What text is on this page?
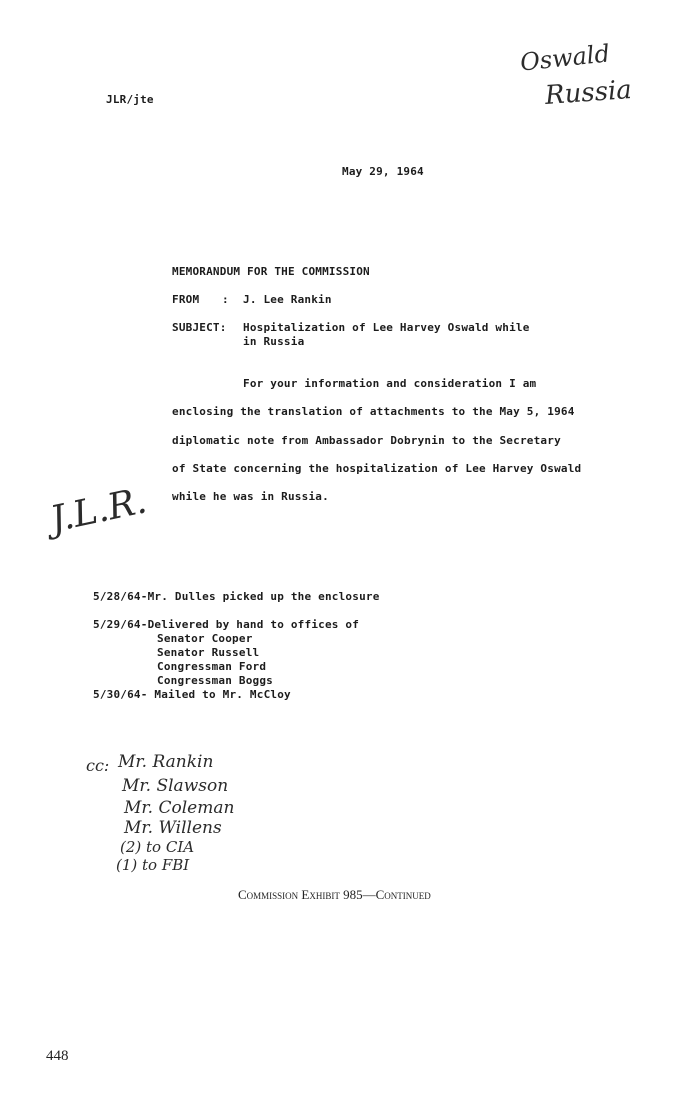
Oswald
Russia
JLR/jte
May 29, 1964
MEMORANDUM FOR THE COMMISSION
FROM : J. Lee Rankin
SUBJECT: Hospitalization of Lee Harvey Oswald while
in Russia
For your information and consideration I am
enclosing the translation of attachments to the May 5, 1964
diplomatic note from Ambassador Dobrynin to the Secretary
of State concerning the hospitalization of Lee Harvey Oswald
while he was in Russia.
J.L.R.
5/28/64-Mr. Dulles picked up the enclosure
5/29/64-Delivered by hand to offices of
Senator Cooper
Senator Russell
Congressman Ford
Congressman Boggs
5/30/64- Mailed to Mr. McCloy
cc: Mr. Rankin
Mr. Slawson
Mr. Coleman
Mr. Willens
(2) to CIA
(1) to FBI
Commission Exhibit 985—Continued
448
